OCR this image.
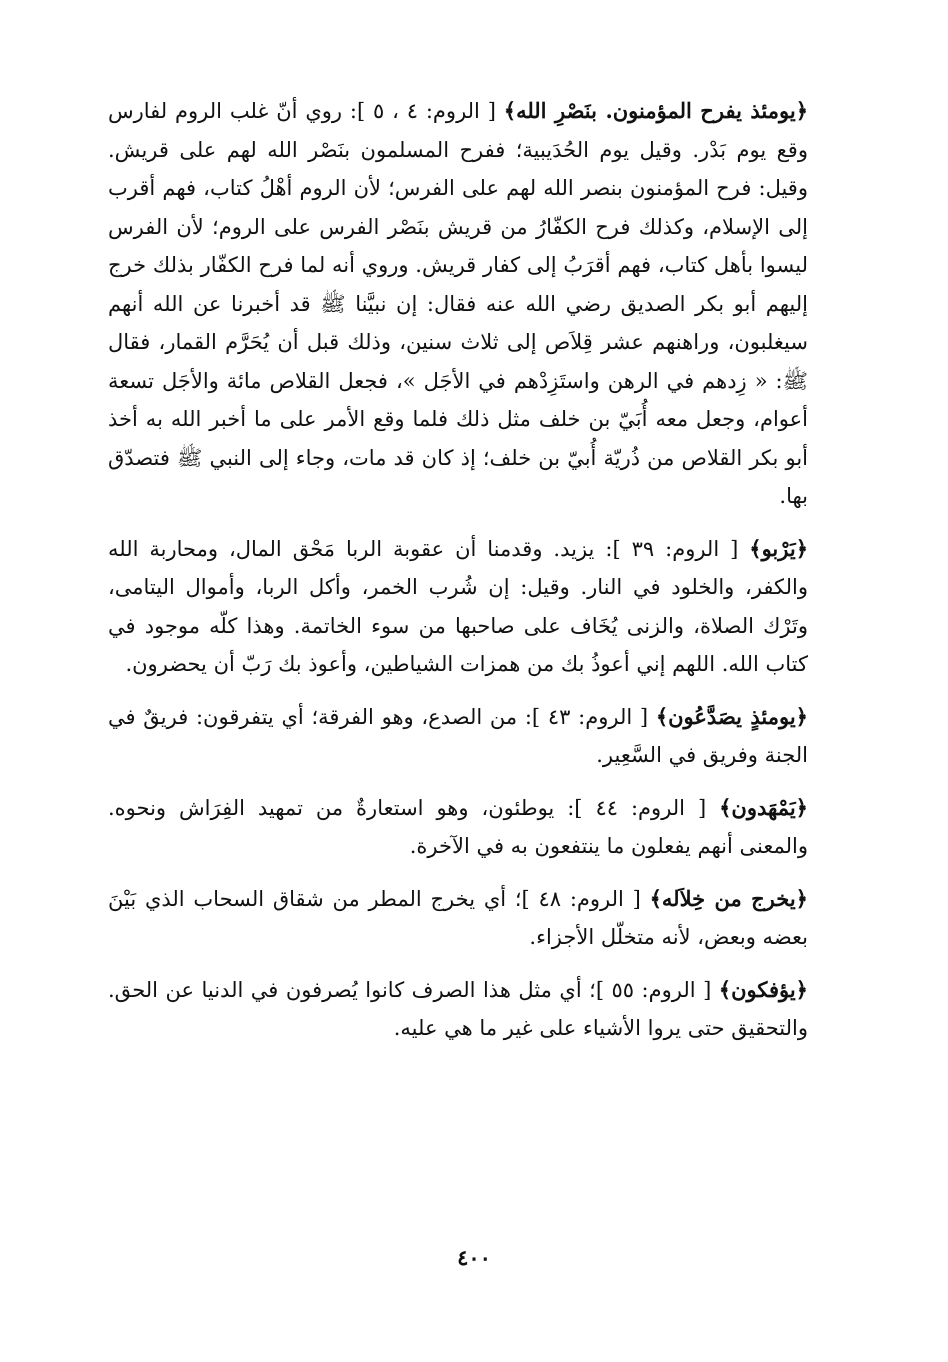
﴿يومئذ يفرح المؤمنون. بنَصْرِ الله﴾ [ الروم: ٤ ، ٥ ]: روي أنّ غلب الروم لفارس وقع يوم بَدْر. وقيل يوم الحُدَيبية؛ ففرح المسلمون بنَصْر الله لهم على قريش. وقيل: فرح المؤمنون بنصر الله لهم على الفرس؛ لأن الروم أهْلُ كتاب، فهم أقرب إلى الإسلام، وكذلك فرح الكفّارُ من قريش بنَصْر الفرس على الروم؛ لأن الفرس ليسوا بأهل كتاب، فهم أقرَبُ إلى كفار قريش. وروي أنه لما فرح الكفّار بذلك خرج إليهم أبو بكر الصديق رضي الله عنه فقال: إن نبيَّنا ﷺ قد أخبرنا عن الله أنهم سيغلبون، وراهنهم عشر قِلاَص إلى ثلاث سنين، وذلك قبل أن يُحَرَّم القمار، فقال ﷺ: « زِدهم في الرهن واستَزِدْهم في الأجَل »، فجعل القلاص مائة والأجَل تسعة أعوام، وجعل معه أُبَيّ بن خلف مثل ذلك فلما وقع الأمر على ما أخبر الله به أخذ أبو بكر القلاص من ذُريّة أُبيّ بن خلف؛ إذ كان قد مات، وجاء إلى النبي ﷺ فتصدّق بها.

﴿يَرْبو﴾ [ الروم: ٣٩ ]: يزيد. وقدمنا أن عقوبة الربا مَحْق المال، ومحاربة الله والكفر، والخلود في النار. وقيل: إن شُرب الخمر، وأكل الربا، وأموال اليتامى، وتَرْك الصلاة، والزنى يُخَاف على صاحبها من سوء الخاتمة. وهذا كلّه موجود في كتاب الله. اللهم إني أعوذُ بك من همزات الشياطين، وأعوذ بك رَبّ أن يحضرون.

﴿يومئذٍ يصَدَّعُون﴾ [ الروم: ٤٣ ]: من الصدع، وهو الفرقة؛ أي يتفرقون: فريقٌ في الجنة وفريق في السَّعِير.

﴿يَمْهَدون﴾ [ الروم: ٤٤ ]: يوطئون، وهو استعارةٌ من تمهيد الفِرَاش ونحوه. والمعنى أنهم يفعلون ما ينتفعون به في الآخرة.

﴿يخرج من خِلاَله﴾ [ الروم: ٤٨ ]؛ أي يخرج المطر من شقاق السحاب الذي بَيْنَ بعضه وبعض، لأنه متخلّل الأجزاء.

﴿يؤفكون﴾ [ الروم: ٥٥ ]؛ أي مثل هذا الصرف كانوا يُصرفون في الدنيا عن الحق. والتحقيق حتى يروا الأشياء على غير ما هي عليه.

٤٠٠
